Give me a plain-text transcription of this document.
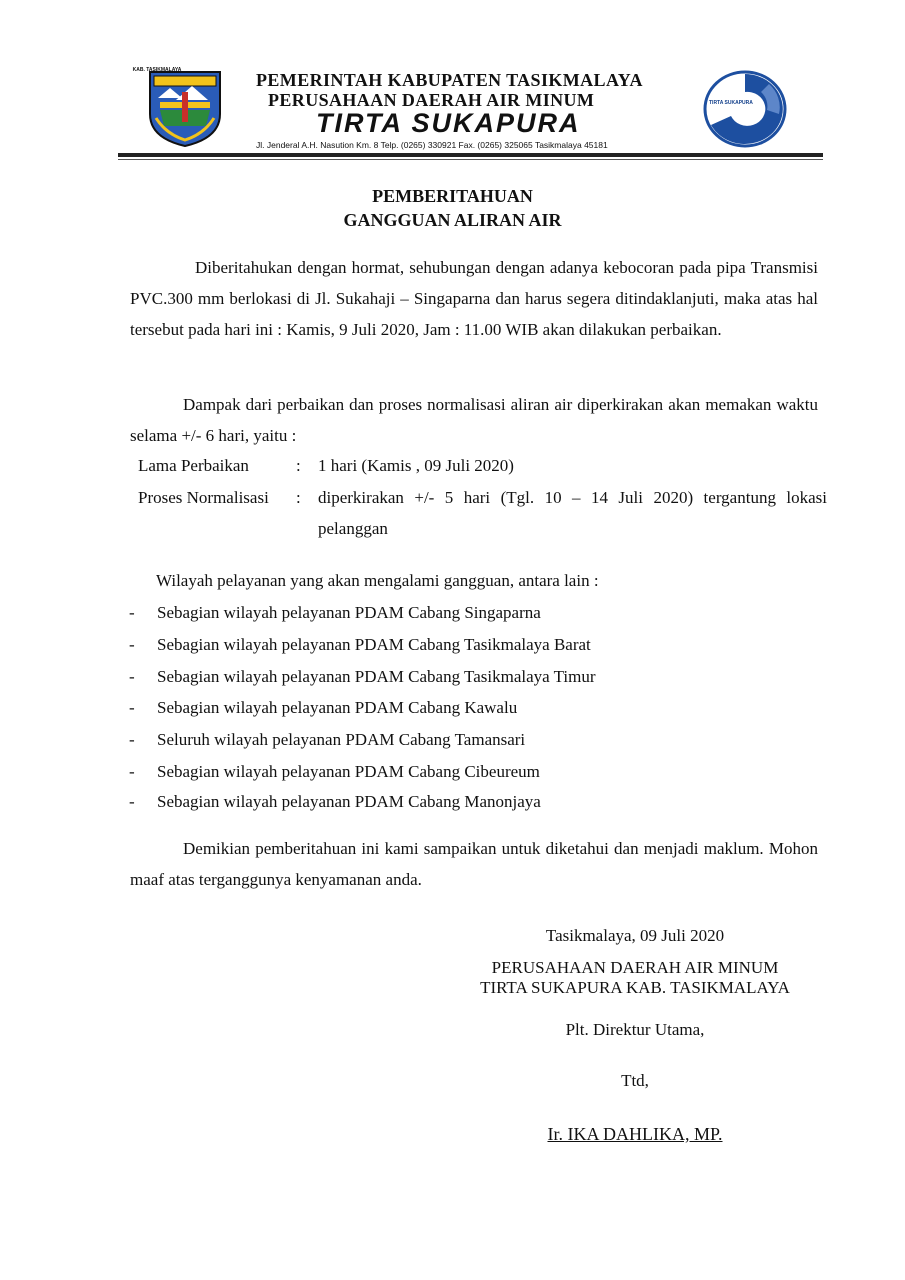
KAB. TASIKMALAYA	PEMERINTAH KABUPATEN TASIKMALAYA
PERUSAHAAN DAERAH AIR MINUM
TIRTA SUKAPURA
Jl. Jenderal A.H. Nasution Km. 8 Telp. (0265) 330921 Fax. (0265) 325065 Tasikmalaya 45181
TIRTA SUKAPURA
PEMBERITAHUAN
GANGGUAN ALIRAN AIR
Diberitahukan dengan hormat, sehubungan dengan adanya kebocoran pada pipa Transmisi PVC.300 mm berlokasi di Jl. Sukahaji – Singaparna dan harus segera ditindaklanjuti, maka atas hal tersebut pada hari ini : Kamis, 9 Juli 2020, Jam : 11.00 WIB akan dilakukan perbaikan.
Dampak dari perbaikan dan proses normalisasi aliran air diperkirakan akan memakan waktu selama +/- 6 hari, yaitu :
Lama Perbaikan	: 1 hari (Kamis , 09 Juli 2020)
Proses Normalisasi : diperkirakan +/- 5 hari (Tgl. 10 – 14 Juli 2020) tergantung lokasi pelanggan
Wilayah pelayanan yang akan mengalami gangguan, antara lain :
- Sebagian wilayah pelayanan PDAM Cabang Singaparna
- Sebagian wilayah pelayanan PDAM Cabang Tasikmalaya Barat
- Sebagian wilayah pelayanan PDAM Cabang Tasikmalaya Timur
- Sebagian wilayah pelayanan PDAM Cabang Kawalu
- Seluruh wilayah pelayanan PDAM Cabang Tamansari
- Sebagian wilayah pelayanan PDAM Cabang Cibeureum
- Sebagian wilayah pelayanan PDAM Cabang Manonjaya
Demikian pemberitahuan ini kami sampaikan untuk diketahui dan menjadi maklum. Mohon maaf atas terganggunya kenyamanan anda.
Tasikmalaya, 09 Juli 2020
PERUSAHAAN DAERAH AIR MINUM
TIRTA SUKAPURA KAB. TASIKMALAYA
Plt. Direktur Utama,
Ttd,
Ir. IKA DAHLIKA, MP.
